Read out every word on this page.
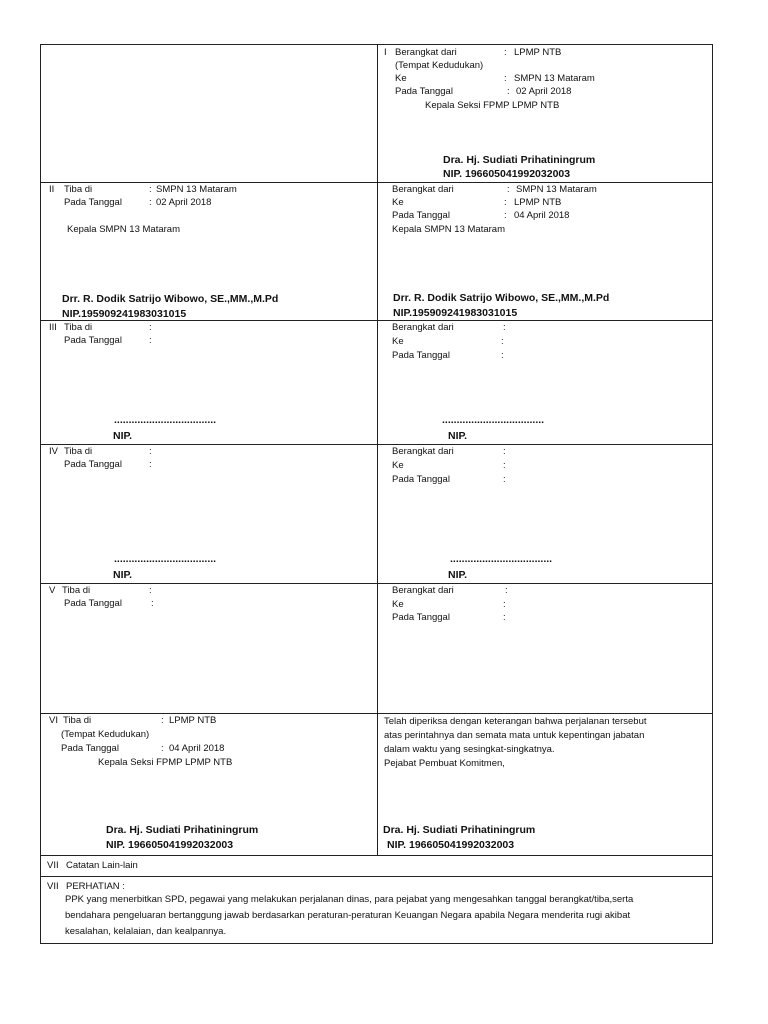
I Berangkat dari	: LPMP NTB
(Tempat Kedudukan)
Ke	: SMPN 13 Mataram
Pada Tanggal	: 02 April 2018
Kepala Seksi FPMP LPMP NTB
Dra. Hj. Sudiati Prihatiningrum
NIP. 196605041992032003
II Tiba di	: SMPN 13 Mataram
Pada Tanggal	: 02 April 2018
Kepala SMPN 13 Mataram
Drr. R. Dodik Satrijo Wibowo, SE.,MM.,M.Pd
NIP.195909241983031015
Berangkat dari	: SMPN 13 Mataram
Ke	: LPMP NTB
Pada Tanggal	: 04 April 2018
Kepala SMPN 13 Mataram
Drr. R. Dodik Satrijo Wibowo, SE.,MM.,M.Pd
NIP.195909241983031015
III Tiba di	:
Pada Tanggal	:
...................................
NIP.
Berangkat dari	:
Ke	:
Pada Tanggal	:
...................................
NIP.
IV Tiba di	:
Pada Tanggal	:
...................................
NIP.
Berangkat dari	:
Ke	:
Pada Tanggal	:
...................................
NIP.
V Tiba di	:
Pada Tanggal	:
Berangkat dari	:
Ke	:
Pada Tanggal	:
VI Tiba di	: LPMP NTB
(Tempat Kedudukan)
Pada Tanggal	: 04 April 2018
Kepala Seksi FPMP LPMP NTB
Dra. Hj. Sudiati Prihatiningrum
NIP. 196605041992032003
Telah diperiksa dengan keterangan bahwa perjalanan tersebut
atas perintahnya dan semata mata untuk kepentingan jabatan
dalam waktu yang sesingkat-singkatnya.
Pejabat Pembuat Komitmen,
Dra. Hj. Sudiati Prihatiningrum
NIP. 196605041992032003
VII Catatan Lain-lain
VII PERHATIAN :
PPK yang menerbitkan SPD, pegawai yang melakukan perjalanan dinas, para pejabat yang mengesahkan tanggal berangkat/tiba,serta
bendahara pengeluaran bertanggung jawab berdasarkan peraturan-peraturan Keuangan Negara apabila Negara menderita rugi akibat
kesalahan, kelalaian, dan kealpannya.
